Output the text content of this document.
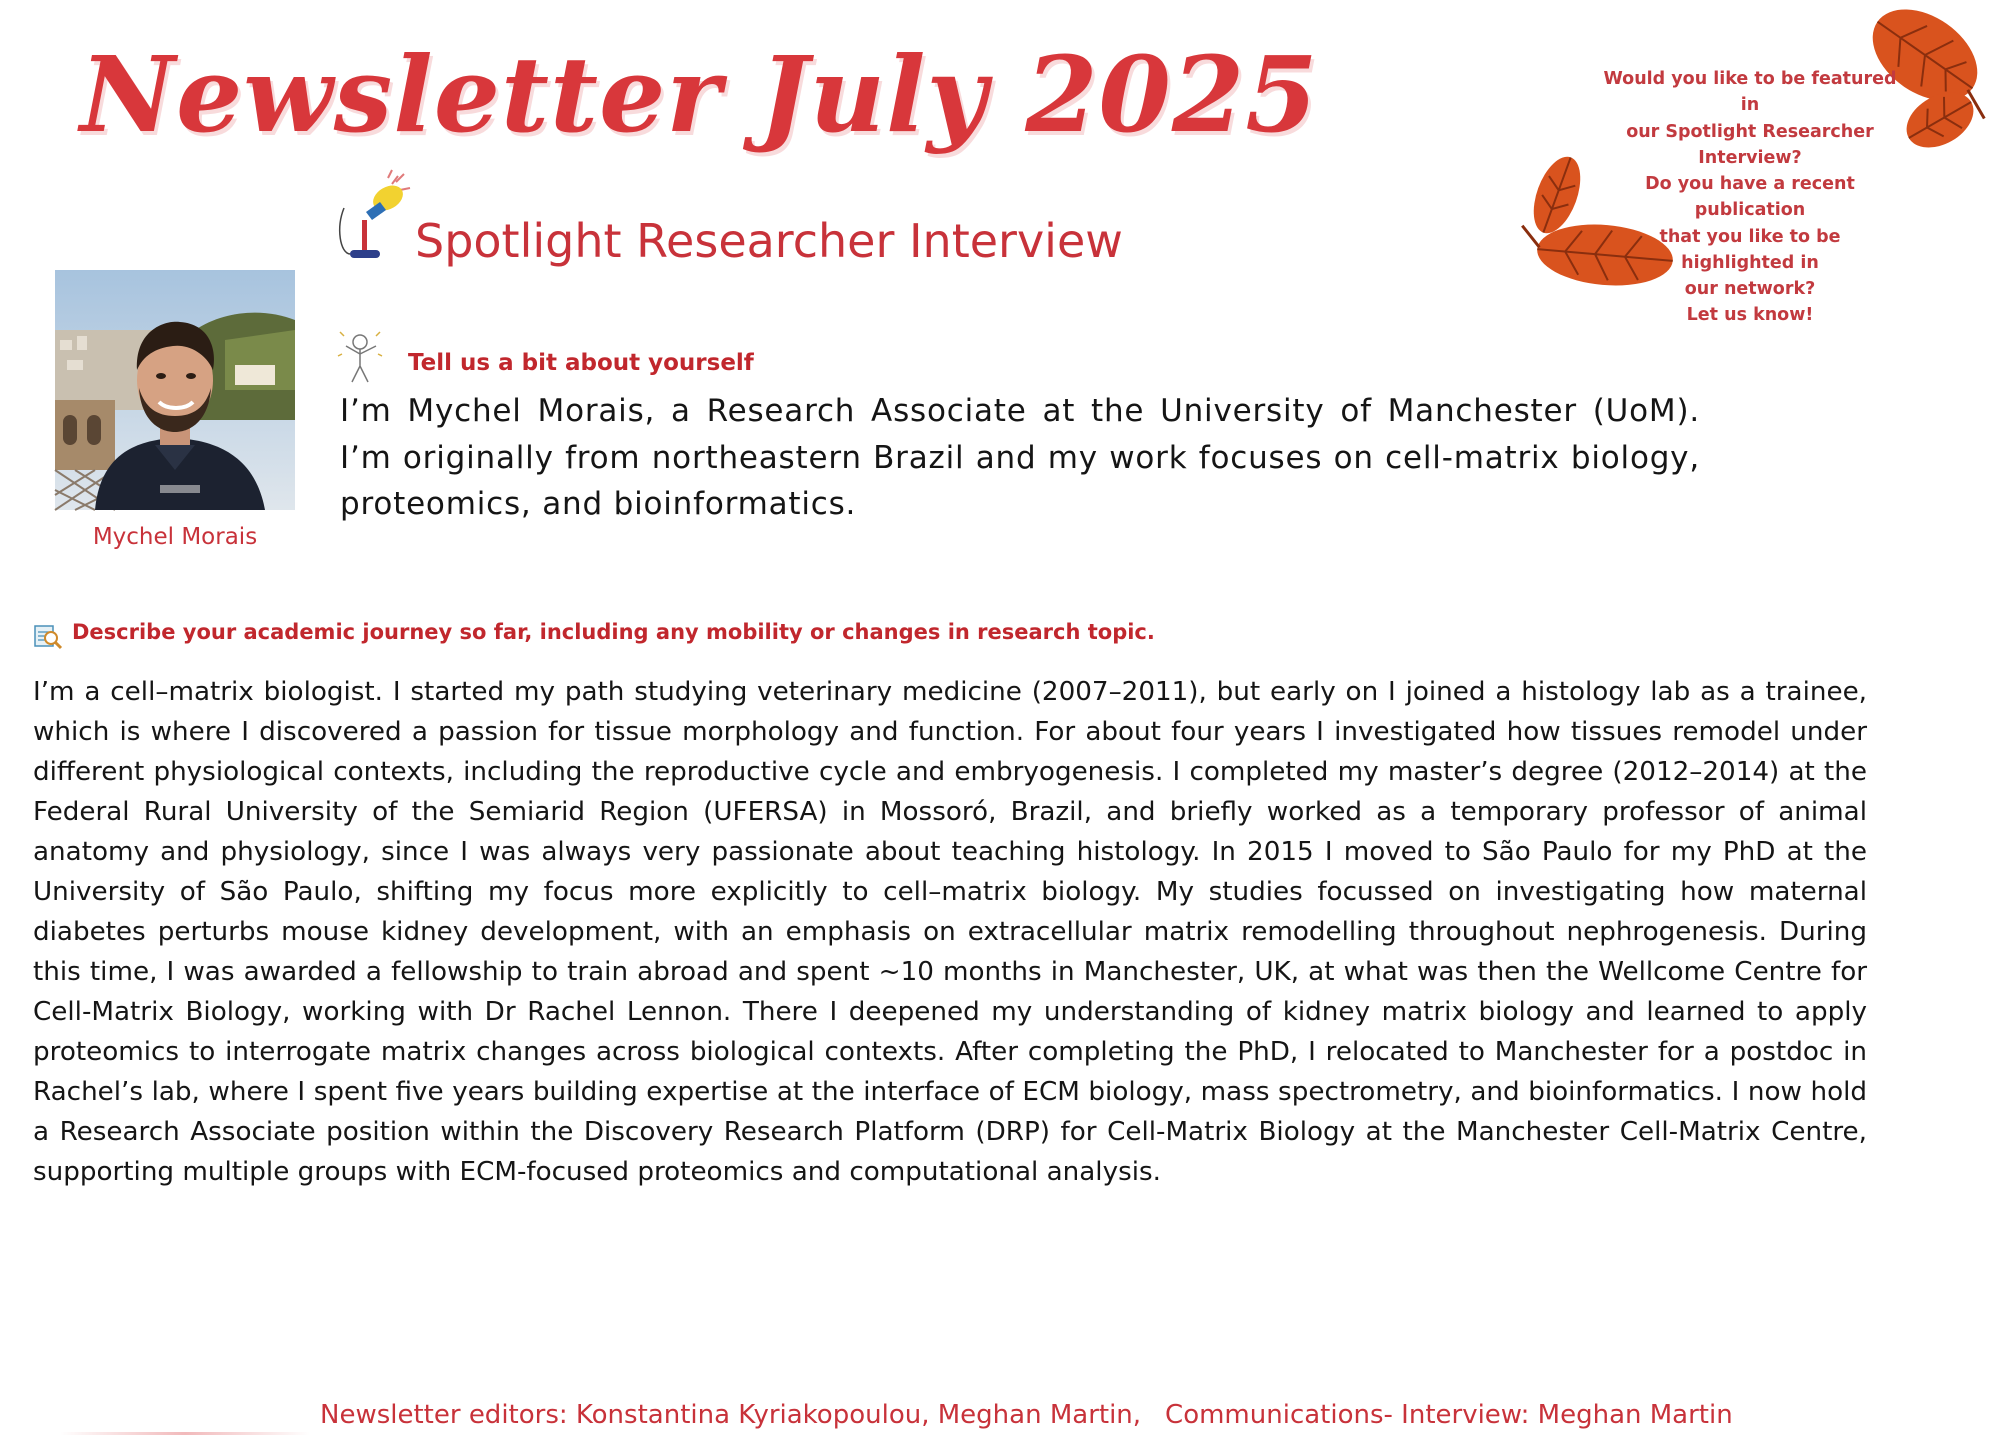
Newsletter July 2025	Would you like to be featured in

our Spotlight Researcher

Interview?

Do you have a recent publication

that you like to be highlighted in

our network?

Let us know!

Spotlight Researcher Interview
Mychel Morais
Tell us a bit about yourself
I’m Mychel Morais, a Research Associate at the University of Manchester (UoM). I’m originally from northeastern Brazil and my work focuses on cell-matrix biology, proteomics, and bioinformatics.
Describe your academic journey so far, including any mobility or changes in research topic.
I’m a cell–matrix biologist. I started my path studying veterinary medicine (2007–2011), but early on I joined a histology lab as a trainee, which is where I discovered a passion for tissue morphology and function. For about four years I investigated how tissues remodel under different physiological contexts, including the reproductive cycle and embryogenesis. I completed my master’s degree (2012–2014) at the Federal Rural University of the Semiarid Region (UFERSA) in Mossoró, Brazil, and briefly worked as a temporary professor of animal anatomy and physiology, since I was always very passionate about teaching histology. In 2015 I moved to São Paulo for my PhD at the University of São Paulo, shifting my focus more explicitly to cell–matrix biology. My studies focussed on investigating how maternal diabetes perturbs mouse kidney development, with an emphasis on extracellular matrix remodelling throughout nephrogenesis. During this time, I was awarded a fellowship to train abroad and spent ~10 months in Manchester, UK, at what was then the Wellcome Centre for Cell-Matrix Biology, working with Dr Rachel Lennon. There I deepened my understanding of kidney matrix biology and learned to apply proteomics to interrogate matrix changes across biological contexts. After completing the PhD, I relocated to Manchester for a postdoc in Rachel’s lab, where I spent five years building expertise at the interface of ECM biology, mass spectrometry, and bioinformatics. I now hold a Research Associate position within the Discovery Research Platform (DRP) for Cell-Matrix Biology at the Manchester Cell-Matrix Centre, supporting multiple groups with ECM-focused proteomics and computational analysis.
Newsletter editors: Konstantina Kyriakopoulou, Meghan Martin, Communications- Interview: Meghan Martin
